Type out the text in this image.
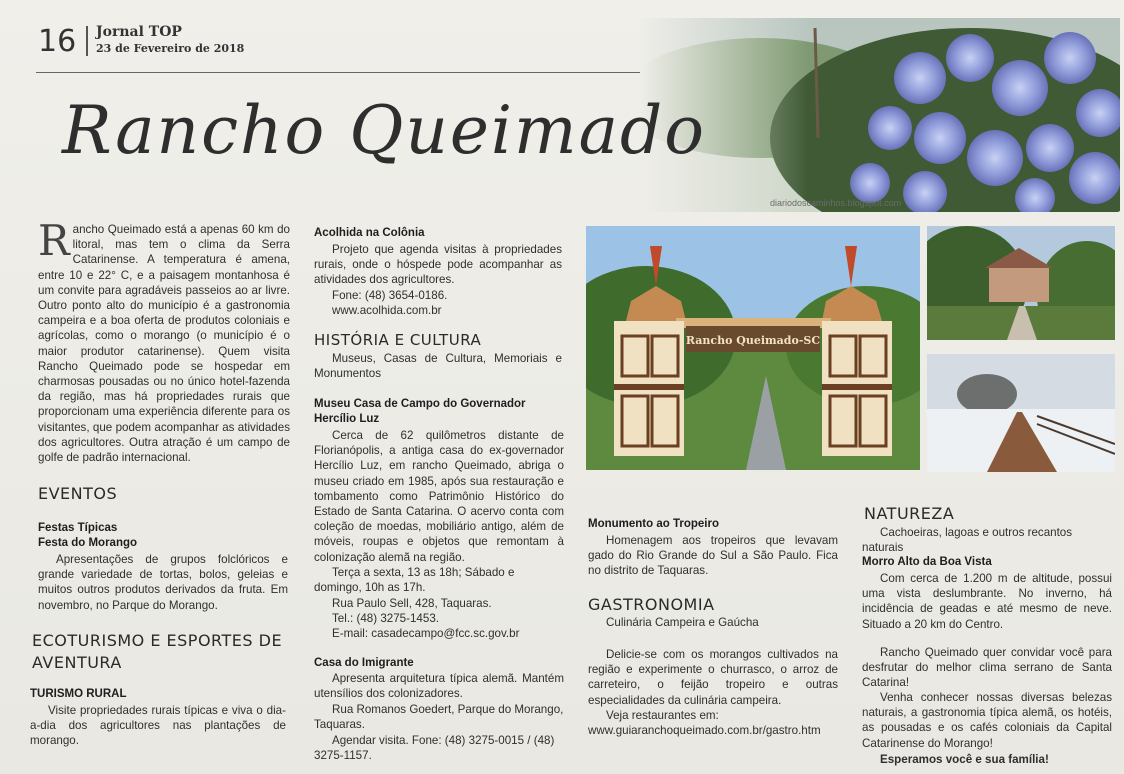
16 Jornal TOP
23 de Fevereiro de 2018
diariodoscaminhos.blogspot.com
Rancho Queimado
Rancho Queimado está a apenas 60 km do litoral, mas tem o clima da Serra Catarinense. A temperatura é amena, entre 10 e 22° C, e a paisagem montanhosa é um convite para agradáveis passeios ao ar livre. Outro ponto alto do município é a gastronomia campeira e a boa oferta de produtos coloniais e agrícolas, como o morango (o município é o maior produtor catarinense). Quem visita Rancho Queimado pode se hospedar em charmosas pousadas ou no único hotel-fazenda da região, mas há propriedades rurais que proporcionam uma experiência diferente para os visitantes, que podem acompanhar as atividades dos agricultores. Outra atração é um campo de golfe de padrão internacional.
EVENTOS
Festas Típicas
Festa do Morango
Apresentações de grupos folclóricos e grande variedade de tortas, bolos, geleias e muitos outros produtos derivados da fruta. Em novembro, no Parque do Morango.
ECOTURISMO E ESPORTES DE AVENTURA
TURISMO RURAL
Visite propriedades rurais típicas e viva o dia-a-dia dos agricultores nas plantações de morango.
Acolhida na Colônia
Projeto que agenda visitas à propriedades rurais, onde o hóspede pode acompanhar as atividades dos agricultores.
Fone: (48) 3654-0186.
www.acolhida.com.br
HISTÓRIA E CULTURA
Museus, Casas de Cultura, Memoriais e Monumentos
Museu Casa de Campo do Governador Hercílio Luz
Cerca de 62 quilômetros distante de Florianópolis, a antiga casa do ex-governador Hercílio Luz, em rancho Queimado, abriga o museu criado em 1985, após sua restauração e tombamento como Patrimônio Histórico do Estado de Santa Catarina. O acervo conta com coleção de moedas, mobiliário antigo, além de móveis, roupas e objetos que remontam à colonização alemã na região.
Terça a sexta, 13 as 18h; Sábado e domingo, 10h as 17h.
Rua Paulo Sell, 428, Taquaras.
Tel.: (48) 3275-1453.
E-mail: casadecampo@fcc.sc.gov.br
Casa do Imigrante
Apresenta arquitetura típica alemã. Mantém utensílios dos colonizadores.
Rua Romanos Goedert, Parque do Morango, Taquaras.
Agendar visita. Fone: (48) 3275-0015 / (48) 3275-1157.
Rancho Queimado-SC
Monumento ao Tropeiro
Homenagem aos tropeiros que levavam gado do Rio Grande do Sul a São Paulo. Fica no distrito de Taquaras.
GASTRONOMIA
Culinária Campeira e Gaúcha
Delicie-se com os morangos cultivados na região e experimente o churrasco, o arroz de carreteiro, o feijão tropeiro e outras especialidades da culinária campeira.
Veja restaurantes em: www.guiaranchoqueimado.com.br/gastro.htm
NATUREZA
Cachoeiras, lagoas e outros recantos naturais
Morro Alto da Boa Vista
Com cerca de 1.200 m de altitude, possui uma vista deslumbrante. No inverno, há incidência de geadas e até mesmo de neve. Situado a 20 km do Centro.
Rancho Queimado quer convidar você para desfrutar do melhor clima serrano de Santa Catarina!
Venha conhecer nossas diversas belezas naturais, a gastronomia típica alemã, os hotéis, as pousadas e os cafés coloniais da Capital Catarinense do Morango!
Esperamos você e sua família!
